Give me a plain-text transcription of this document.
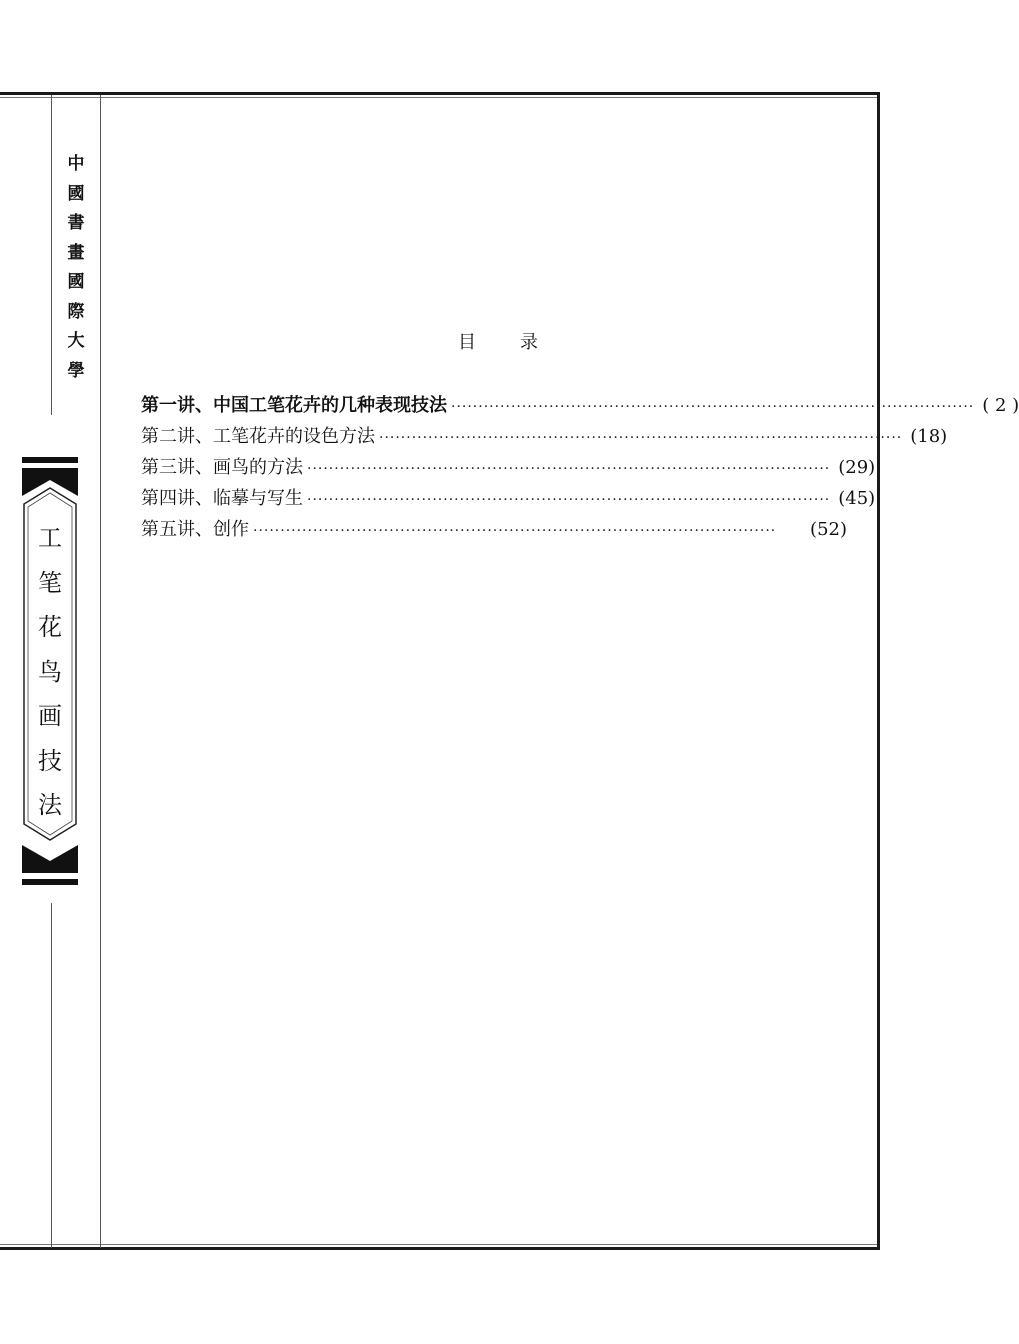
中
國
書
畫
國
際
大
學
工
笔
花
鸟
画
技
法
目 录
第一讲、中国工笔花卉的几种表现技法 ································································································ ( 2 )
第二讲、工笔花卉的设色方法 ································································································ (18)
第三讲、画鸟的方法 ································································································ (29)
第四讲、临摹与写生 ································································································ (45)
第五讲、创作 ································································································	(52)
